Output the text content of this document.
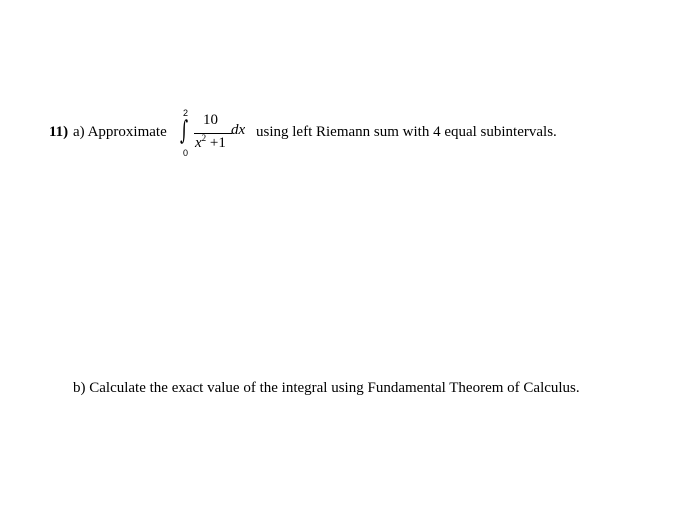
11) a) Approximate
2
∫
0
10
$x^2 +1$
dx using left Riemann sum with 4 equal subintervals.
b) Calculate the exact value of the integral using Fundamental Theorem of Calculus.
